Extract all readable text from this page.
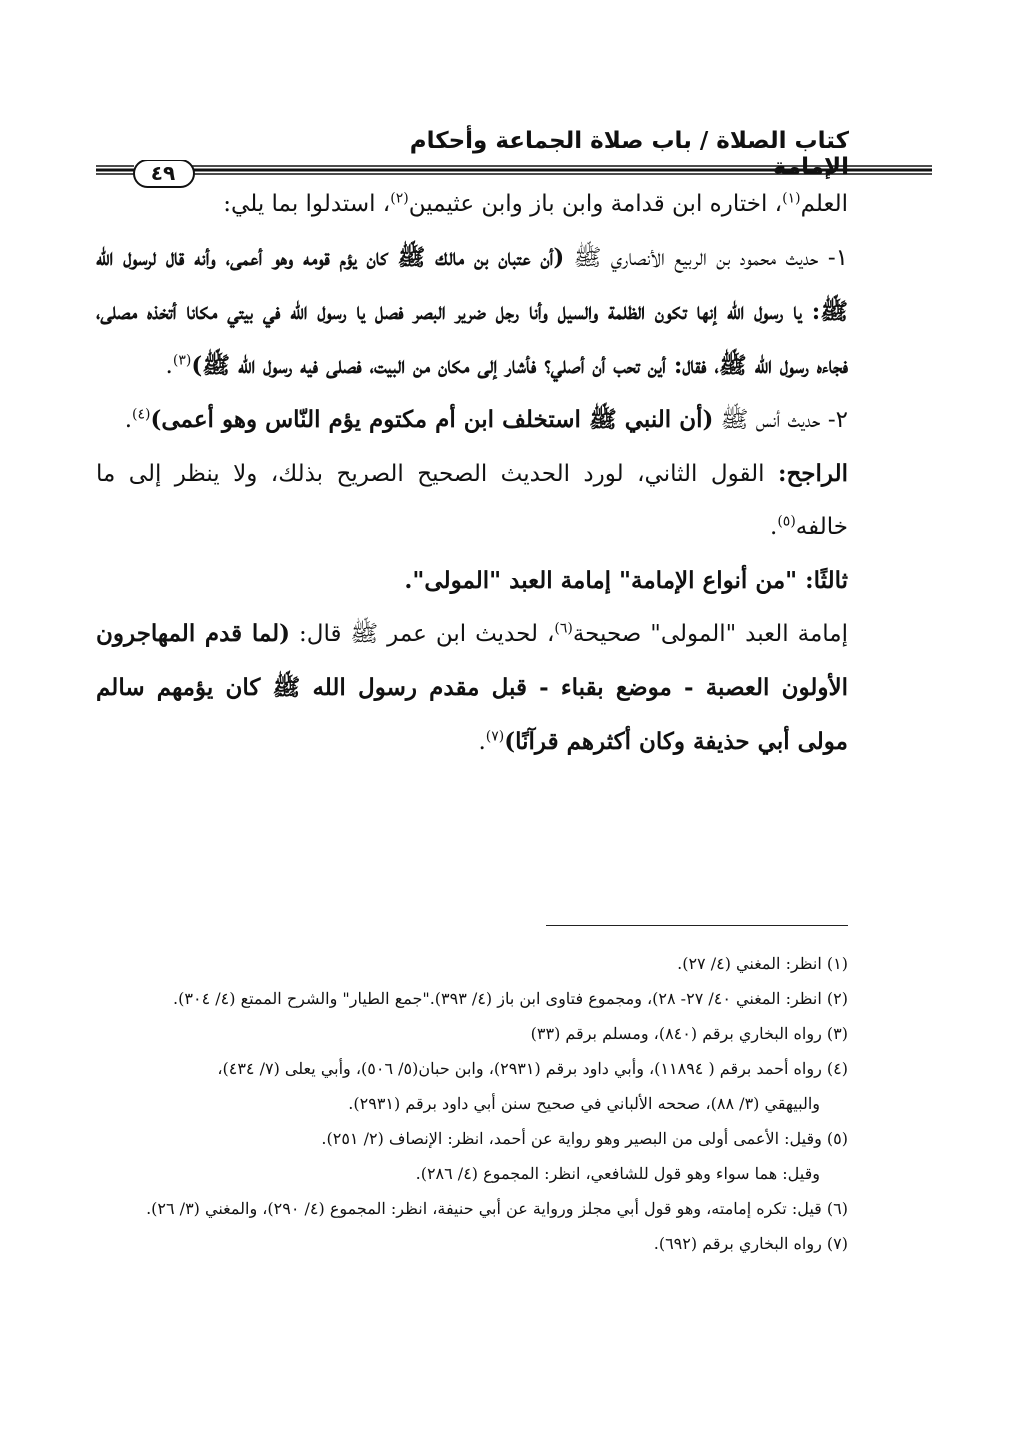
كتاب الصلاة / باب صلاة الجماعة وأحكام الإمامة
٤٩

العلم$^{(١)}$، اختاره ابن قدامة وابن باز وابن عثيمين$^{(٢)}$، استدلوا بما يلي:

١- حديث محمود بن الربيع الأنصاري ﷺ (أن عتبان بن مالك ﷺ كان يؤم قومه وهو أعمى، وأنه قال لرسول الله ﷺ: يا رسول الله إنها تكون الظلمة والسيل وأنا رجل ضرير البصر فصل يا رسول الله في بيتي مكانا أتخذه مصلى، فجاءه رسول الله ﷺ، فقال: أين تحب أن أصلي؟ فأشار إلى مكان من البيت، فصلى فيه رسول الله ﷺ)$^{(٣)}$.

٢- حديث أنس ﷺ (أن النبي ﷺ استخلف ابن أم مكتوم يؤم النّاس وهو أعمى)$^{(٤)}$.

الراجح: القول الثاني، لورد الحديث الصحيح الصريح بذلك، ولا ينظر إلى ما خالفه$^{(٥)}$.

ثالثًا: "من أنواع الإمامة" إمامة العبد "المولى".

إمامة العبد "المولى" صحيحة$^{(٦)}$، لحديث ابن عمر ﷺ قال: (لما قدم المهاجرون الأولون العصبة - موضع بقباء - قبل مقدم رسول الله ﷺ كان يؤمهم سالم مولى أبي حذيفة وكان أكثرهم قرآنًا)$^{(٧)}$.

(١) انظر: المغني (٤/ ٢٧).

(٢) انظر: المغني ٤٠/ ٢٧- ٢٨)، ومجموع فتاوى ابن باز (٤/ ٣٩٣)."جمع الطيار" والشرح الممتع (٤/ ٣٠٤).

(٣) رواه البخاري برقم (٨٤٠)، ومسلم برقم (٣٣)

(٤) رواه أحمد برقم ( ١١٨٩٤)، وأبي داود برقم (٢٩٣١)، وابن حبان(٥/ ٥٠٦)، وأبي يعلى (٧/ ٤٣٤)،

والبيهقي (٣/ ٨٨)، صححه الألباني في صحيح سنن أبي داود برقم (٢٩٣١).

(٥) وقيل: الأعمى أولى من البصير وهو رواية عن أحمد، انظر: الإنصاف (٢/ ٢٥١).

وقيل: هما سواء وهو قول للشافعي، انظر: المجموع (٤/ ٢٨٦).

(٦) قيل: تكره إمامته، وهو قول أبي مجلز ورواية عن أبي حنيفة، انظر: المجموع (٤/ ٢٩٠)، والمغني (٣/ ٢٦).

(٧) رواه البخاري برقم (٦٩٢).
